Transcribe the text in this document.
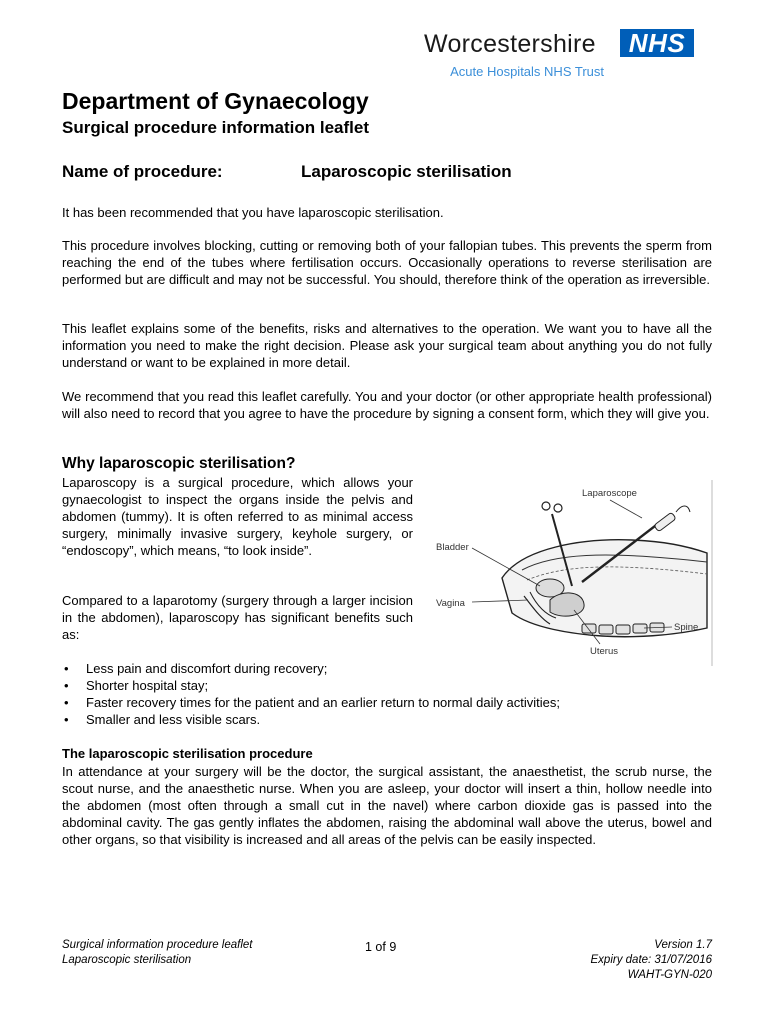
Worcestershire	NHS
Acute Hospitals NHS Trust
Department of Gynaecology
Surgical procedure information leaflet
Name of procedure:	Laparoscopic sterilisation

It has been recommended that you have laparoscopic sterilisation.

This procedure involves blocking, cutting or removing both of your fallopian tubes. This prevents the sperm from reaching the end of the tubes where fertilisation occurs. Occasionally operations to reverse sterilisation are performed but are difficult and may not be successful. You should, therefore think of the operation as irreversible.

This leaflet explains some of the benefits, risks and alternatives to the operation. We want you to have all the information you need to make the right decision. Please ask your surgical team about anything you do not fully understand or want to be explained in more detail.

We recommend that you read this leaflet carefully. You and your doctor (or other appropriate health professional) will also need to record that you agree to have the procedure by signing a consent form, which they will give you.

Why laparoscopic sterilisation?

Laparoscopy is a surgical procedure, which allows your gynaecologist to inspect the organs inside the pelvis and abdomen (tummy). It is often referred to as minimal access surgery, minimally invasive surgery, keyhole surgery, or “endoscopy”, which means, “to look inside”.

Compared to a laparotomy (surgery through a larger incision in the abdomen), laparoscopy has significant benefits such as:

Laparoscope
Bladder
Vagina
Spine
Uterus
• Less pain and discomfort during recovery;
• Shorter hospital stay;
• Faster recovery times for the patient and an earlier return to normal daily activities;
• Smaller and less visible scars.
The laparoscopic sterilisation procedure

In attendance at your surgery will be the doctor, the surgical assistant, the anaesthetist, the scrub nurse, the scout nurse, and the anaesthetic nurse. When you are asleep, your doctor will insert a thin, hollow needle into the abdomen (most often through a small cut in the navel) where carbon dioxide gas is passed into the abdominal cavity. The gas gently inflates the abdomen, raising the abdominal wall above the uterus, bowel and other organs, so that visibility is increased and all areas of the pelvis can be easily inspected.

Surgical information procedure leaflet
Laparoscopic sterilisation
1 of 9	Version 1.7
Expiry date: 31/07/2016
WAHT-GYN-020
